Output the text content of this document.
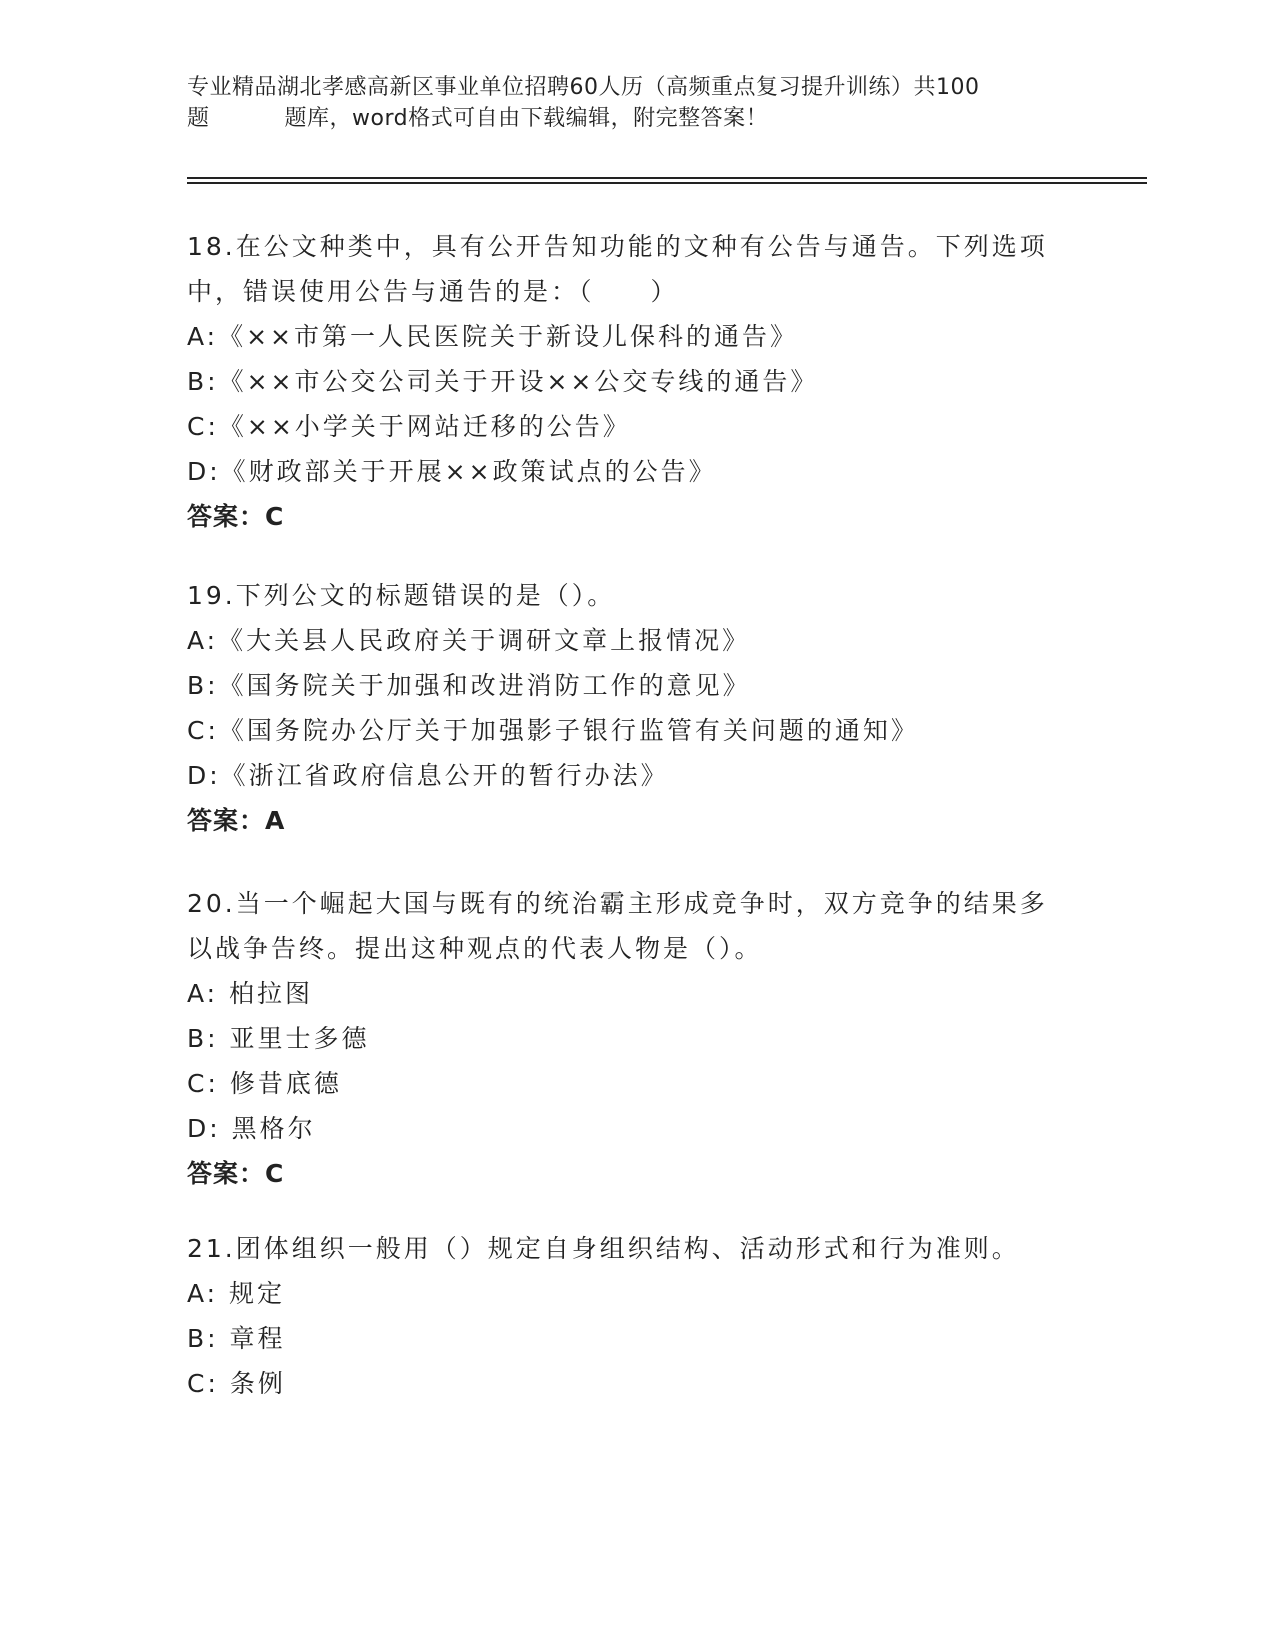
专业精品湖北孝感高新区事业单位招聘60人历（高频重点复习提升训练）共100
题	题库，word格式可自由下载编辑，附完整答案！
18.在公文种类中，具有公开告知功能的文种有公告与通告。下列选项
中，错误使用公告与通告的是：（　　）
A:《××市第一人民医院关于新设儿保科的通告》
B:《××市公交公司关于开设××公交专线的通告》
C:《××小学关于网站迁移的公告》
D:《财政部关于开展××政策试点的公告》
答案：C
19.下列公文的标题错误的是（）。
A:《大关县人民政府关于调研文章上报情况》
B:《国务院关于加强和改进消防工作的意见》
C:《国务院办公厅关于加强影子银行监管有关问题的通知》
D:《浙江省政府信息公开的暂行办法》
答案：A
20.当一个崛起大国与既有的统治霸主形成竞争时，双方竞争的结果多
以战争告终。提出这种观点的代表人物是（）。
A: 柏拉图
B: 亚里士多德
C: 修昔底德
D: 黑格尔
答案：C
21.团体组织一般用（）规定自身组织结构、活动形式和行为准则。
A: 规定
B: 章程
C: 条例
